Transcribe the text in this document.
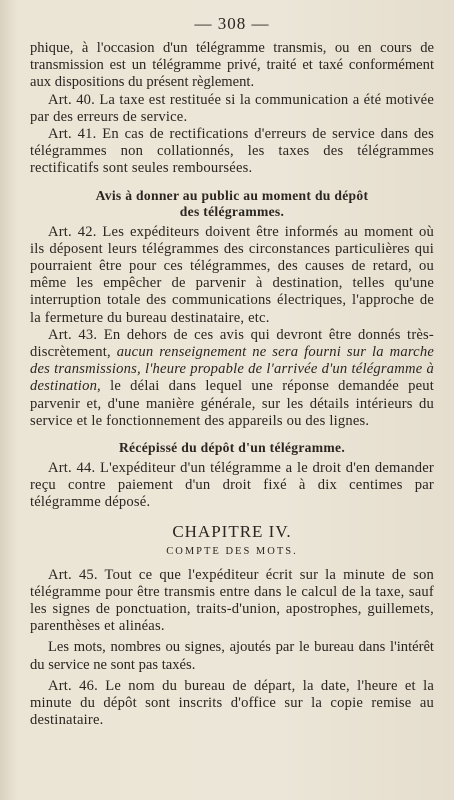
— 308 —

phique, à l'occasion d'un télégramme transmis, ou en cours de transmission est un télégramme privé, traité et taxé conformément aux dispositions du présent règlement.

Art. 40. La taxe est restituée si la communication a été motivée par des erreurs de service.

Art. 41. En cas de rectifications d'erreurs de service dans des télégrammes non collationnés, les taxes des télégrammes rectificatifs sont seules remboursées.

Avis à donner au public au moment du dépôt
des télégrammes.

Art. 42. Les expéditeurs doivent être informés au moment où ils déposent leurs télégrammes des circonstances particulières qui pourraient être pour ces télégrammes, des causes de retard, ou même les empêcher de parvenir à destination, telles qu'une interruption totale des communications électriques, l'approche de la fermeture du bureau destinataire, etc.

Art. 43. En dehors de ces avis qui devront être donnés très-discrètement, aucun renseignement ne sera fourni sur la marche des transmissions, l'heure propable de l'arrivée d'un télégramme à destination, le délai dans lequel une réponse demandée peut parvenir et, d'une manière générale, sur les détails intérieurs du service et le fonctionnement des appareils ou des lignes.

Récépissé du dépôt d'un télégramme.

Art. 44. L'expéditeur d'un télégramme a le droit d'en demander reçu contre paiement d'un droit fixé à dix centimes par télégramme déposé.

CHAPITRE IV.
COMPTE DES MOTS.

Art. 45. Tout ce que l'expéditeur écrit sur la minute de son télégramme pour être transmis entre dans le calcul de la taxe, sauf les signes de ponctuation, traits-d'union, apostrophes, guillemets, parenthèses et alinéas.

Les mots, nombres ou signes, ajoutés par le bureau dans l'intérêt du service ne sont pas taxés.

Art. 46. Le nom du bureau de départ, la date, l'heure et la minute du dépôt sont inscrits d'office sur la copie remise au destinataire.
